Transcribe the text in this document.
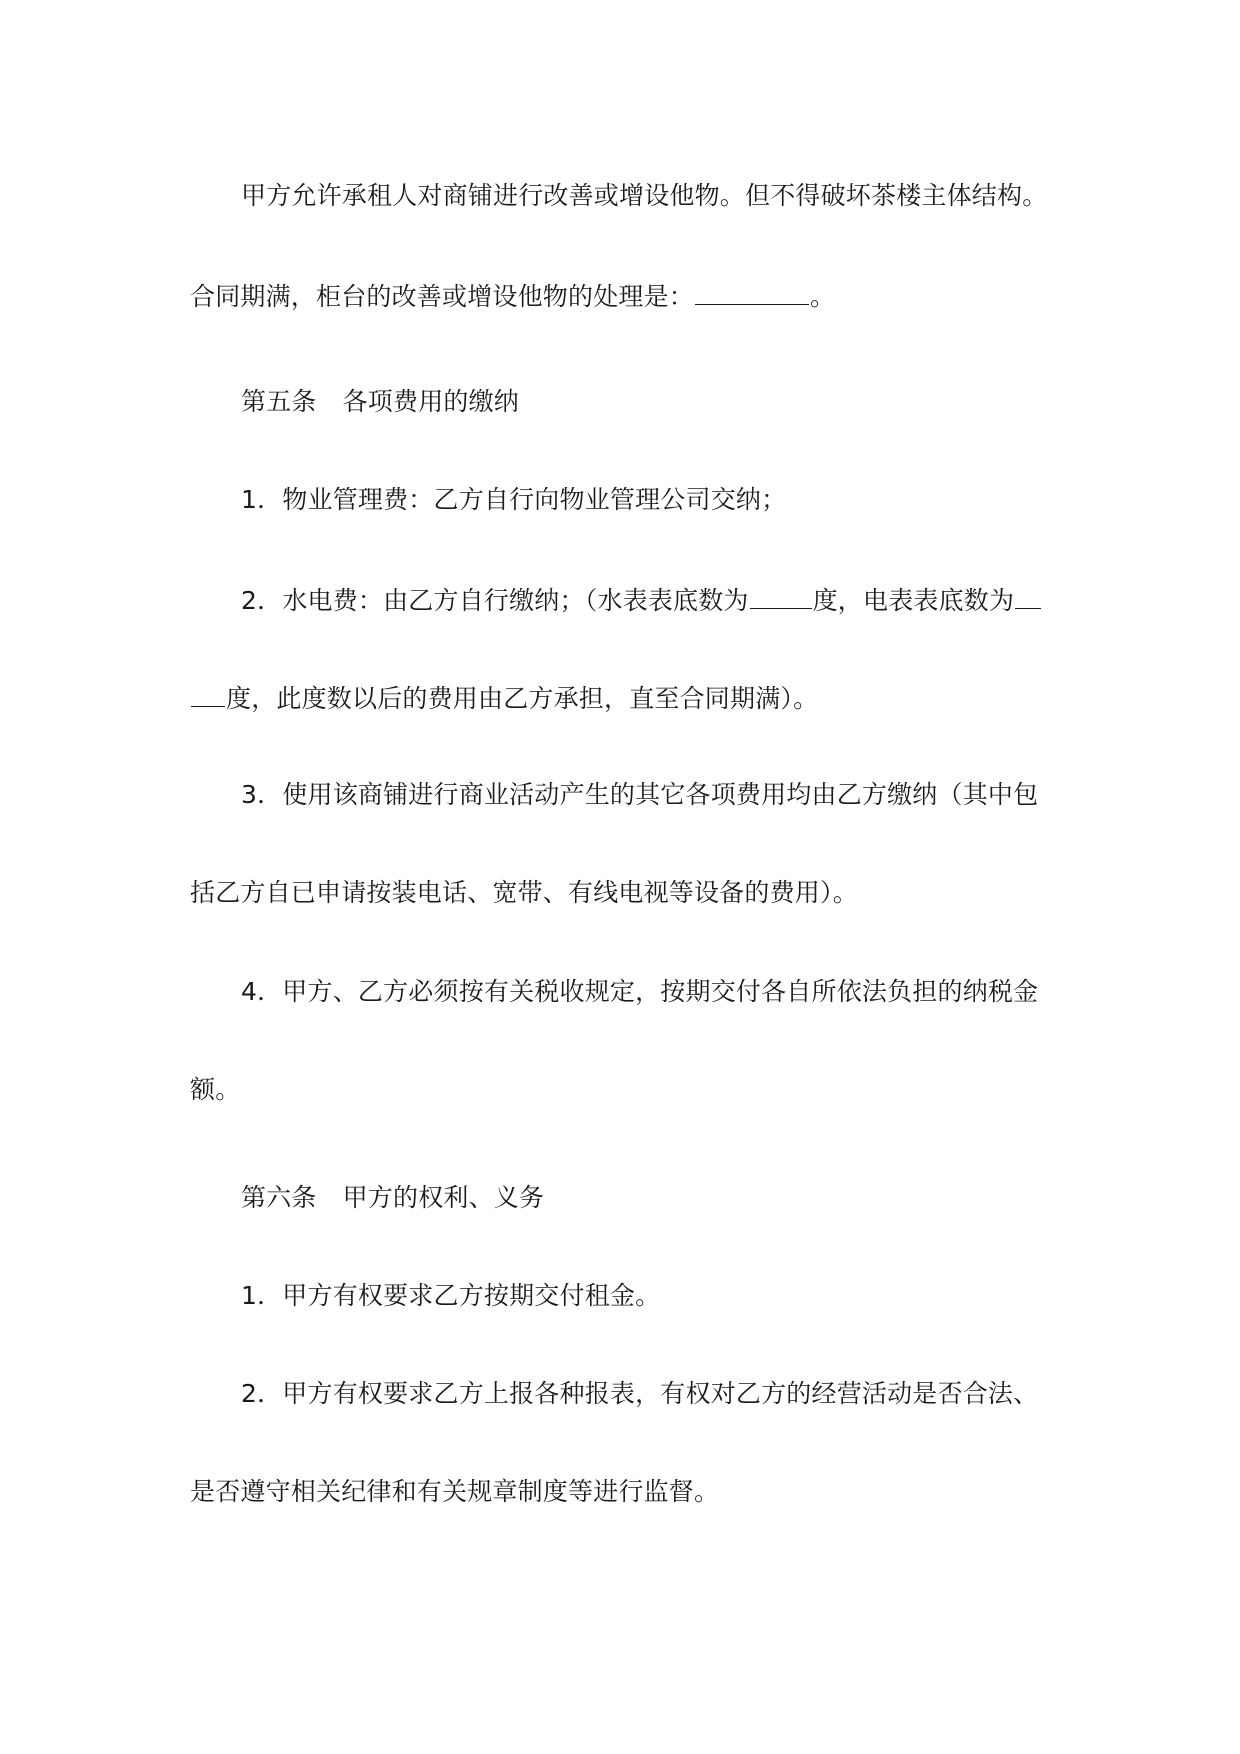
甲方允许承租人对商铺进行改善或增设他物。但不得破坏茶楼主体结构。
合同期满，柜台的改善或增设他物的处理是：	。
第五条 各项费用的缴纳
1．物业管理费：乙方自行向物业管理公司交纳；
2．水电费：由乙方自行缴纳；（水表表底数为	度，电表表底数为
度，此度数以后的费用由乙方承担，直至合同期满）。
3．使用该商铺进行商业活动产生的其它各项费用均由乙方缴纳（其中包
括乙方自已申请按装电话、宽带、有线电视等设备的费用）。
4．甲方、乙方必须按有关税收规定，按期交付各自所依法负担的纳税金
额。
第六条 甲方的权利、义务
1．甲方有权要求乙方按期交付租金。
2．甲方有权要求乙方上报各种报表，有权对乙方的经营活动是否合法、
是否遵守相关纪律和有关规章制度等进行监督。
